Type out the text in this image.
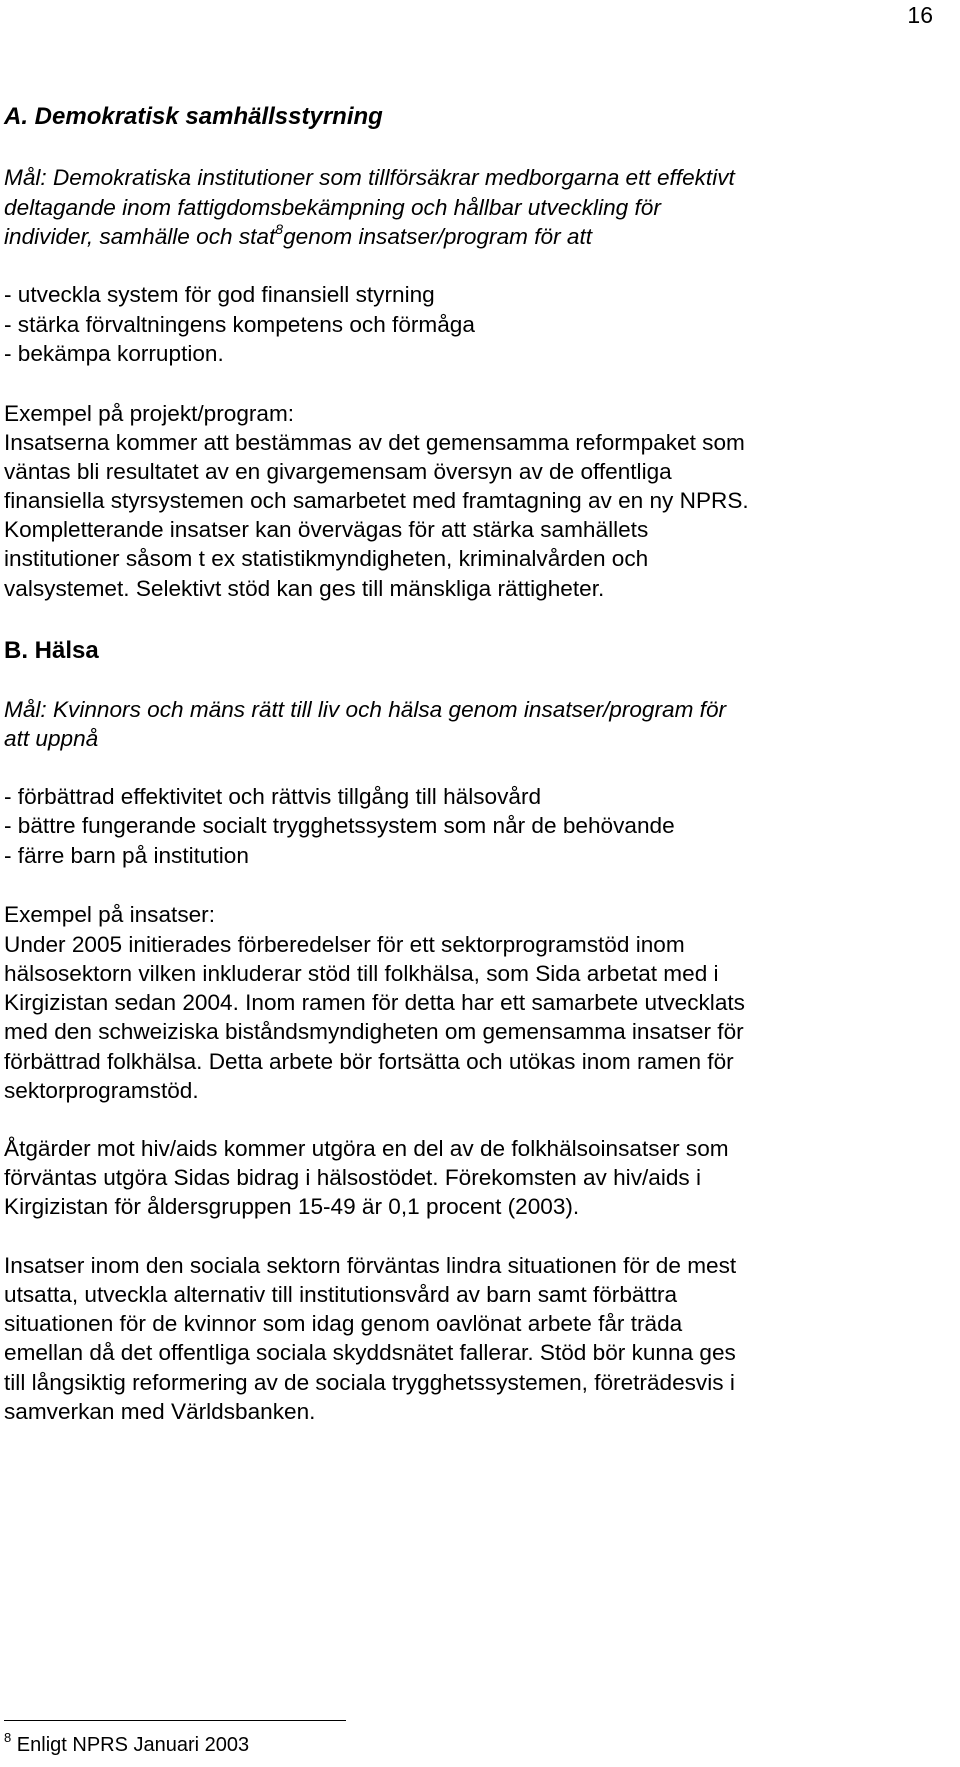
16
A. Demokratisk samhällsstyrning
Mål: Demokratiska institutioner som tillförsäkrar medborgarna ett effektivt
deltagande inom fattigdomsbekämpning och hållbar utveckling för
individer, samhälle och stat$^8$genom insatser/program för att
- utveckla system för god finansiell styrning
- stärka förvaltningens kompetens och förmåga
- bekämpa korruption.
Exempel på projekt/program:
Insatserna kommer att bestämmas av det gemensamma reformpaket som
väntas bli resultatet av en givargemensam översyn av de offentliga
finansiella styrsystemen och samarbetet med framtagning av en ny NPRS.
Kompletterande insatser kan övervägas för att stärka samhällets
institutioner såsom t ex statistikmyndigheten, kriminalvården och
valsystemet. Selektivt stöd kan ges till mänskliga rättigheter.
B. Hälsa
Mål: Kvinnors och mäns rätt till liv och hälsa genom insatser/program för
att uppnå
- förbättrad effektivitet och rättvis tillgång till hälsovård
- bättre fungerande socialt trygghetssystem som når de behövande
- färre barn på institution
Exempel på insatser:
Under 2005 initierades förberedelser för ett sektorprogramstöd inom
hälsosektorn vilken inkluderar stöd till folkhälsa, som Sida arbetat med i
Kirgizistan sedan 2004. Inom ramen för detta har ett samarbete utvecklats
med den schweiziska biståndsmyndigheten om gemensamma insatser för
förbättrad folkhälsa. Detta arbete bör fortsätta och utökas inom ramen för
sektorprogramstöd.
Åtgärder mot hiv/aids kommer utgöra en del av de folkhälsoinsatser som
förväntas utgöra Sidas bidrag i hälsostödet. Förekomsten av hiv/aids i
Kirgizistan för åldersgruppen 15-49 är 0,1 procent (2003).
Insatser inom den sociala sektorn förväntas lindra situationen för de mest
utsatta, utveckla alternativ till institutionsvård av barn samt förbättra
situationen för de kvinnor som idag genom oavlönat arbete får träda
emellan då det offentliga sociala skyddsnätet fallerar. Stöd bör kunna ges
till långsiktig reformering av de sociala trygghetssystemen, företrädesvis i
samverkan med Världsbanken.
$^8$ Enligt NPRS Januari 2003
